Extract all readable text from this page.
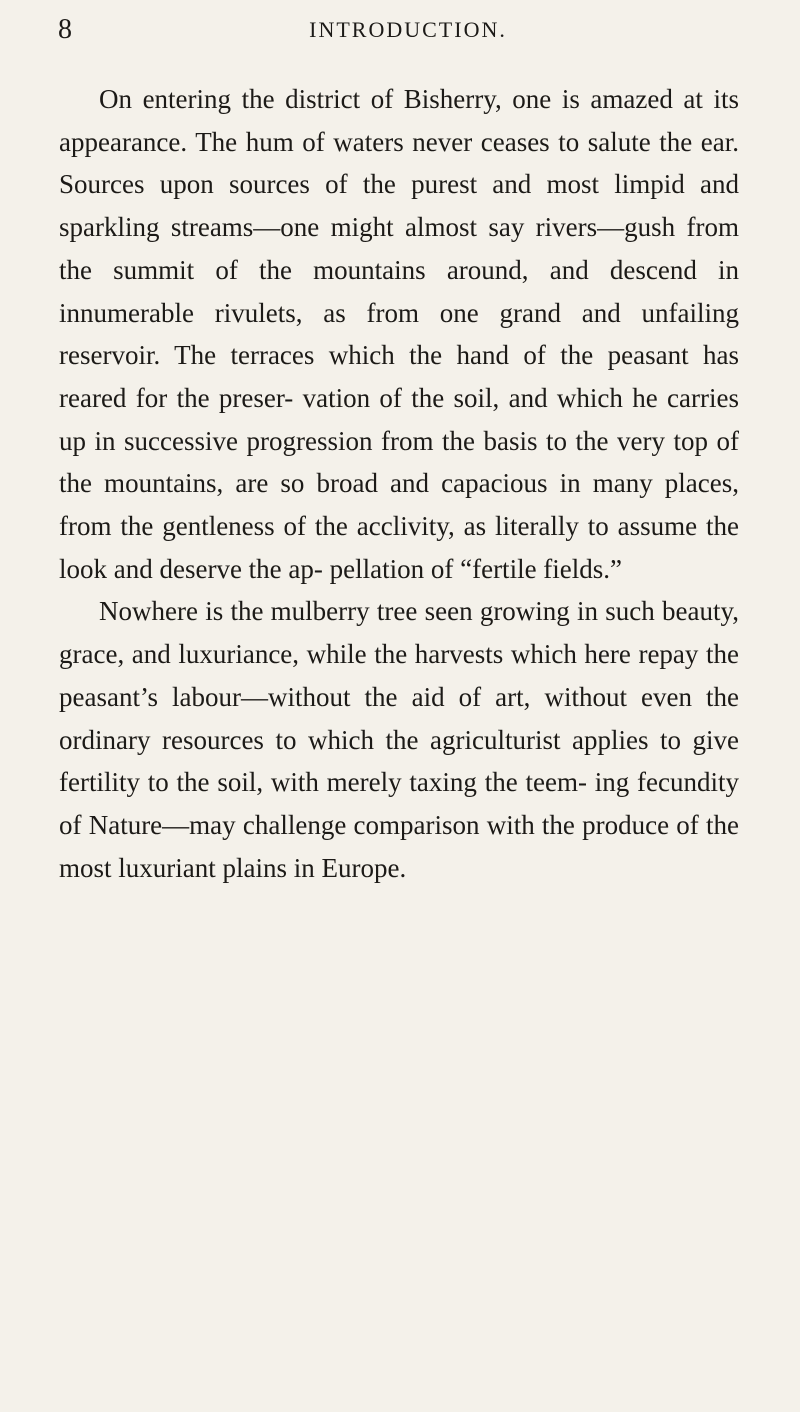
8	INTRODUCTION.

On entering the district of Bisherry, one is amazed at its appearance. The hum of waters never ceases to salute the ear. Sources upon sources of the purest and most limpid and sparkling streams—one might almost say rivers—gush from the summit of the mountains around, and descend in innumerable rivulets, as from one grand and unfailing reservoir. The terraces which the hand of the peasant has reared for the preser- vation of the soil, and which he carries up in successive progression from the basis to the very top of the mountains, are so broad and capacious in many places, from the gentleness of the acclivity, as literally to assume the look and deserve the ap- pellation of “fertile fields.”

Nowhere is the mulberry tree seen growing in such beauty, grace, and luxuriance, while the harvests which here repay the peasant’s labour—without the aid of art, without even the ordinary resources to which the agriculturist applies to give fertility to the soil, with merely taxing the teem- ing fecundity of Nature—may challenge comparison with the produce of the most luxuriant plains in Europe.
